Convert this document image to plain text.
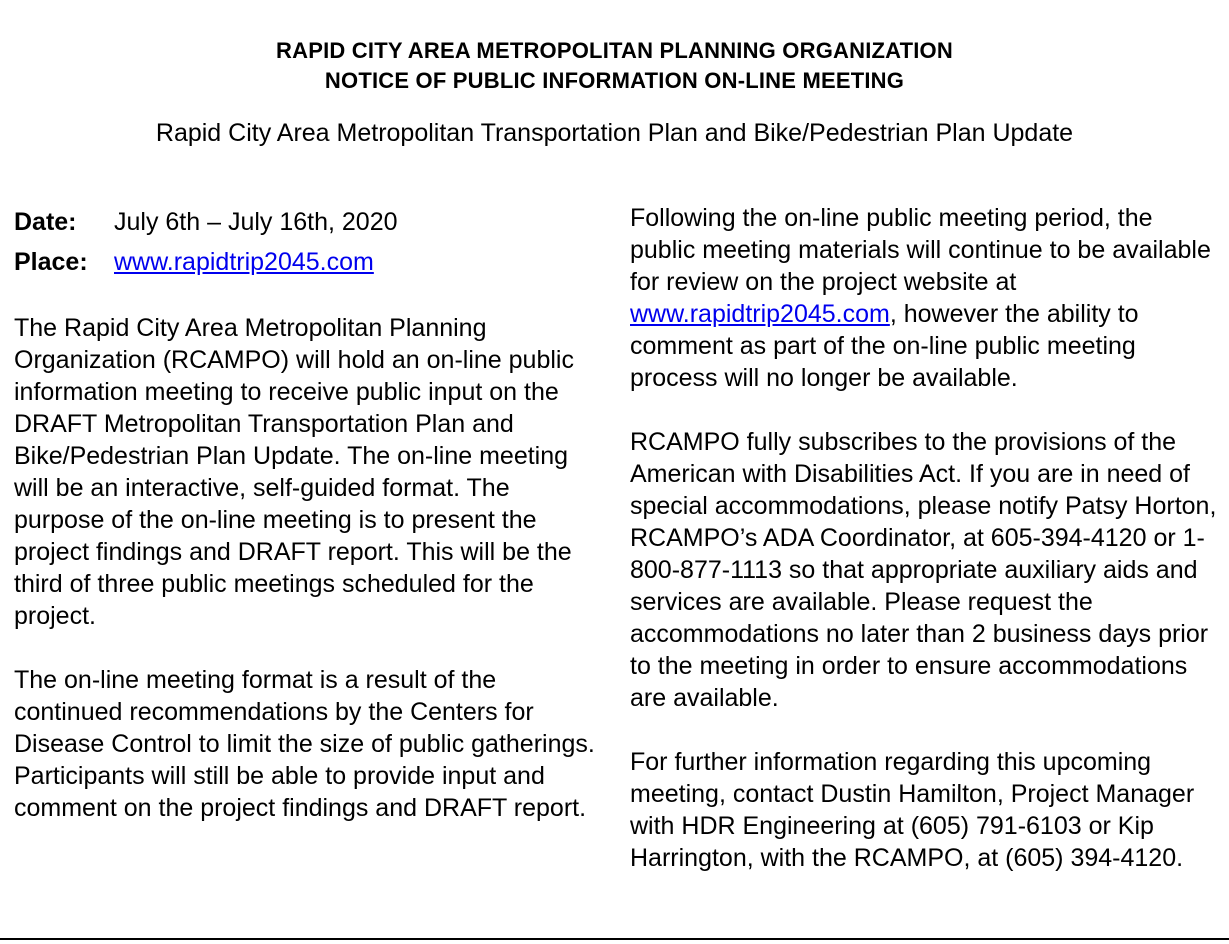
RAPID CITY AREA METROPOLITAN PLANNING ORGANIZATION

NOTICE OF PUBLIC INFORMATION ON-LINE MEETING

Rapid City Area Metropolitan Transportation Plan and Bike/Pedestrian Plan Update

Date:	July 6th – July 16th, 2020
Place:	www.rapidtrip2045.com

The Rapid City Area Metropolitan Planning Organization (RCAMPO) will hold an on-line public information meeting to receive public input on the DRAFT Metropolitan Transportation Plan and Bike/Pedestrian Plan Update. The on-line meeting will be an interactive, self-guided format. The purpose of the on-line meeting is to present the project findings and DRAFT report. This will be the third of three public meetings scheduled for the project.

The on-line meeting format is a result of the continued recommendations by the Centers for Disease Control to limit the size of public gatherings. Participants will still be able to provide input and comment on the project findings and DRAFT report.

Following the on-line public meeting period, the public meeting materials will continue to be available for review on the project website at www.rapidtrip2045.com, however the ability to comment as part of the on-line public meeting process will no longer be available.

RCAMPO fully subscribes to the provisions of the American with Disabilities Act. If you are in need of special accommodations, please notify Patsy Horton, RCAMPO’s ADA Coordinator, at 605-394-4120 or 1-800-877-1113 so that appropriate auxiliary aids and services are available. Please request the accommodations no later than 2 business days prior to the meeting in order to ensure accommodations are available.

For further information regarding this upcoming meeting, contact Dustin Hamilton, Project Manager with HDR Engineering at (605) 791-6103 or Kip Harrington, with the RCAMPO, at (605) 394-4120.
